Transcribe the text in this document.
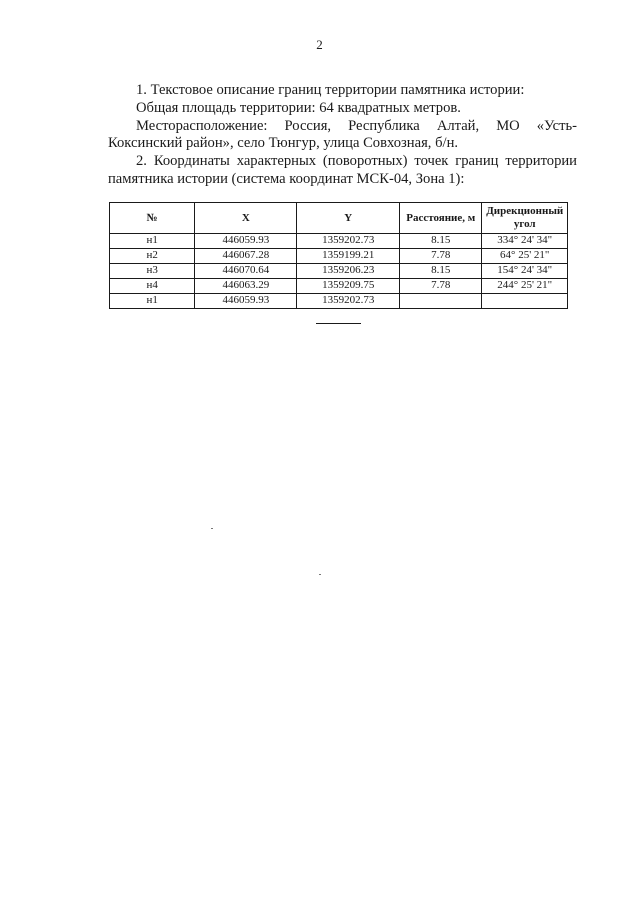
2

1. Текстовое описание границ территории памятника истории:

Общая площадь территории: 64 квадратных метров.

Месторасположение: Россия, Республика Алтай, МО «Усть-Коксинский район», село Тюнгур, улица Совхозная, б/н.

2. Координаты характерных (поворотных) точек границ территории памятника истории (система координат МСК-04, Зона 1):

№	X	Y	Расстояние, м	Дирекционный угол
н1	446059.93	1359202.73	8.15	334° 24' 34"
н2	446067.28	1359199.21	7.78	64° 25' 21"
н3	446070.64	1359206.23	8.15	154° 24' 34"
н4	446063.29	1359209.75	7.78	244° 25' 21"
н1	446059.93	1359202.73		
